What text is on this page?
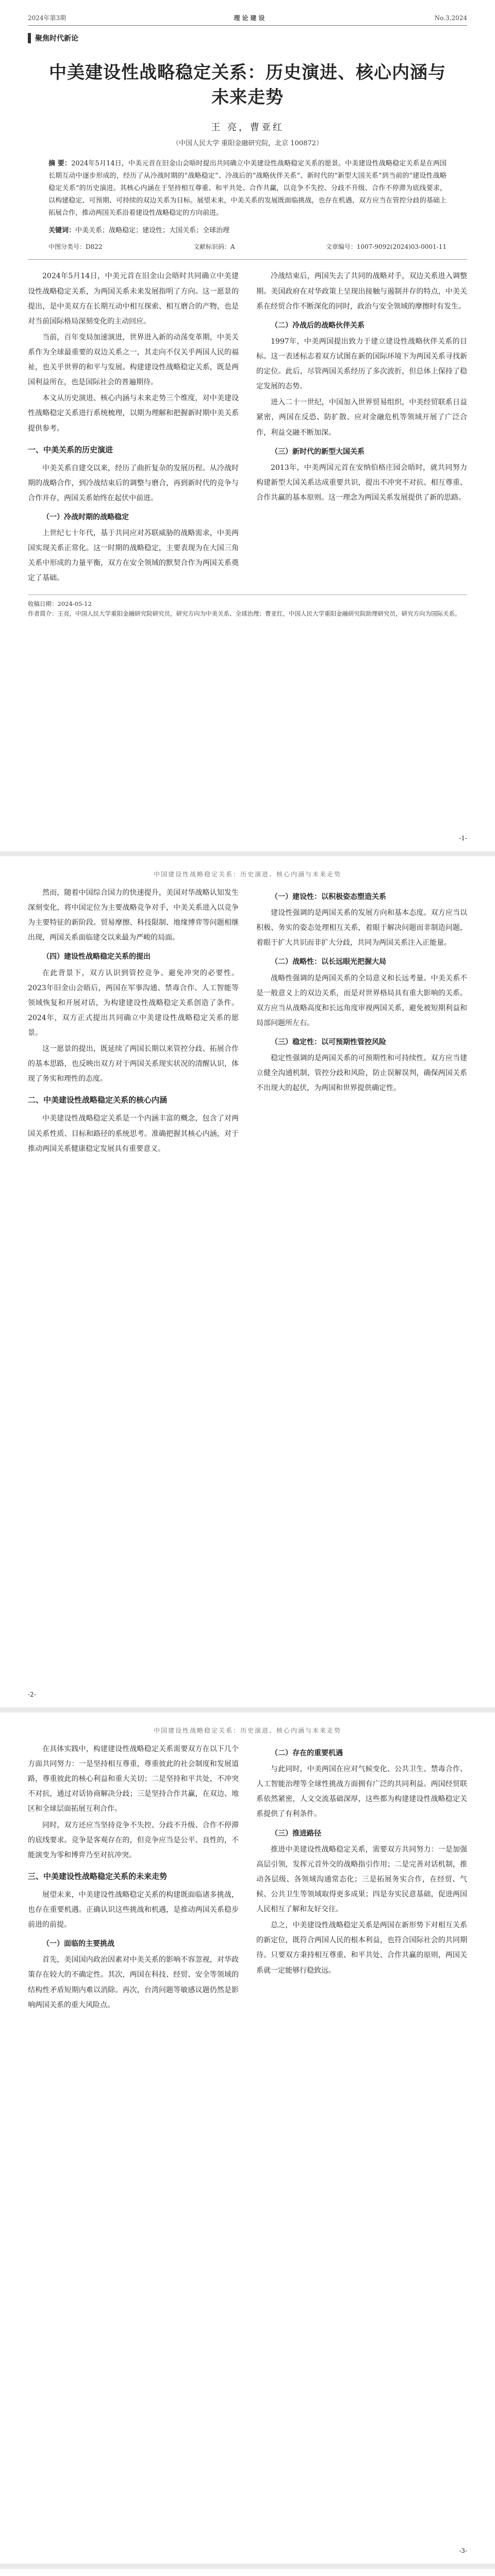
2024年第3期	理论建设	No.3,2024
聚焦时代新论
中美建设性战略稳定关系：历史演进、核心内涵与未来走势
王 亮，曹亚红
（中国人民大学 重阳金融研究院，北京 100872）
摘 要：2024年5月14日，中美元首在旧金山会晤时提出共同确立中美建设性战略稳定关系的愿景。中美建设性战略稳定关系是在两国长期互动中逐步形成的，经历了从冷战时期的“战略稳定”、冷战后的“战略伙伴关系”、新时代的“新型大国关系”到当前的“建设性战略稳定关系”的历史演进。其核心内涵在于坚持相互尊重、和平共处、合作共赢，以竞争不失控、分歧不升级、合作不停滞为底线要求，以构建稳定、可预期、可持续的双边关系为目标。展望未来，中美关系的发展既面临挑战，也存在机遇，双方应当在管控分歧的基础上拓展合作，推动两国关系沿着建设性战略稳定的方向前进。
关键词：中美关系；战略稳定；建设性；大国关系；全球治理
中图分类号：D822	文献标识码：A	文章编号：1007-9092(2024)03-0001-11

2024年5月14日，中美元首在旧金山会晤时共同确立中美建设性战略稳定关系，为两国关系未来发展指明了方向。这一愿景的提出，是中美双方在长期互动中相互探索、相互磨合的产物，也是对当前国际格局深刻变化的主动回应。

当前，百年变局加速演进，世界进入新的动荡变革期，中美关系作为全球最重要的双边关系之一，其走向不仅关乎两国人民的福祉，也关乎世界的和平与发展。构建建设性战略稳定关系，既是两国利益所在，也是国际社会的普遍期待。

本文从历史演进、核心内涵与未来走势三个维度，对中美建设性战略稳定关系进行系统梳理，以期为理解和把握新时期中美关系提供参考。

一、中美关系的历史演进

中美关系自建交以来，经历了曲折复杂的发展历程。从冷战时期的战略合作，到冷战结束后的调整与磨合，再到新时代的竞争与合作并存，两国关系始终在起伏中前进。

（一）冷战时期的战略稳定

上世纪七十年代，基于共同应对苏联威胁的战略需求，中美两国实现关系正常化。这一时期的战略稳定，主要表现为在大国三角关系中形成的力量平衡，双方在安全领域的默契合作为两国关系奠定了基础。

冷战结束后，两国失去了共同的战略对手，双边关系进入调整期。美国政府在对华政策上呈现出接触与遏制并存的特点，中美关系在经贸合作不断深化的同时，政治与安全领域的摩擦时有发生。

（二）冷战后的战略伙伴关系

1997年，中美两国提出致力于建立建设性战略伙伴关系的目标。这一表述标志着双方试图在新的国际环境下为两国关系寻找新的定位。此后，尽管两国关系经历了多次波折，但总体上保持了稳定发展的态势。

进入二十一世纪，中国加入世界贸易组织，中美经贸联系日益紧密，两国在反恐、防扩散、应对金融危机等领域开展了广泛合作，利益交融不断加深。

（三）新时代的新型大国关系

2013年，中美两国元首在安纳伯格庄园会晤时，就共同努力构建新型大国关系达成重要共识，提出不冲突不对抗、相互尊重、合作共赢的基本原则。这一理念为两国关系发展提供了新的思路。

收稿日期：2024-05-12
作者简介：王亮，中国人民大学重阳金融研究院研究员，研究方向为中美关系、全球治理；曹亚红，中国人民大学重阳金融研究院助理研究员，研究方向为国际关系。
-1-
中国建设性战略稳定关系：历史演进、核心内涵与未来走势

然而，随着中国综合国力的快速提升，美国对华战略认知发生深刻变化，将中国定位为主要战略竞争对手，中美关系进入以竞争为主要特征的新阶段。贸易摩擦、科技限制、地缘博弈等问题相继出现，两国关系面临建交以来最为严峻的局面。

（四）建设性战略稳定关系的提出

在此背景下，双方认识到管控竞争、避免冲突的必要性。2023年旧金山会晤后，两国在军事沟通、禁毒合作、人工智能等领域恢复和开展对话，为构建建设性战略稳定关系创造了条件。2024年，双方正式提出共同确立中美建设性战略稳定关系的愿景。

这一愿景的提出，既延续了两国长期以来管控分歧、拓展合作的基本思路，也反映出双方对于两国关系现实状况的清醒认识，体现了务实和理性的态度。

二、中美建设性战略稳定关系的核心内涵

中美建设性战略稳定关系是一个内涵丰富的概念，包含了对两国关系性质、目标和路径的系统思考。准确把握其核心内涵，对于推动两国关系健康稳定发展具有重要意义。

（一）建设性：以积极姿态塑造关系

建设性强调的是两国关系的发展方向和基本态度。双方应当以积极、务实的姿态处理相互关系，着眼于解决问题而非制造问题，着眼于扩大共识而非扩大分歧，共同为两国关系注入正能量。

（二）战略性：以长远眼光把握大局

战略性强调的是两国关系的全局意义和长远考量。中美关系不是一般意义上的双边关系，而是对世界格局具有重大影响的关系。双方应当从战略高度和长远角度审视两国关系，避免被短期利益和局部问题所左右。

（三）稳定性：以可预期性管控风险

稳定性强调的是两国关系的可预期性和可持续性。双方应当建立健全沟通机制，管控分歧和风险，防止误解误判，确保两国关系不出现大的起伏，为两国和世界提供确定性。

-2-
中国建设性战略稳定关系：历史演进、核心内涵与未来走势

在具体实践中，构建建设性战略稳定关系需要双方在以下几个方面共同努力：一是坚持相互尊重，尊重彼此的社会制度和发展道路，尊重彼此的核心利益和重大关切；二是坚持和平共处，不冲突不对抗，通过对话协商解决分歧；三是坚持合作共赢，在双边、地区和全球层面拓展互利合作。

同时，双方还应当坚持竞争不失控、分歧不升级、合作不停滞的底线要求。竞争是客观存在的，但竞争应当是公平、良性的，不能演变为零和博弈乃至对抗冲突。

三、中美建设性战略稳定关系的未来走势

展望未来，中美建设性战略稳定关系的构建既面临诸多挑战，也存在重要机遇。正确认识这些挑战和机遇，是推动两国关系稳步前进的前提。

（一）面临的主要挑战

首先，美国国内政治因素对中美关系的影响不容忽视，对华政策存在较大的不确定性。其次，两国在科技、经贸、安全等领域的结构性矛盾短期内难以消除。再次，台湾问题等敏感议题仍然是影响两国关系的重大风险点。

（二）存在的重要机遇

与此同时，中美两国在应对气候变化、公共卫生、禁毒合作、人工智能治理等全球性挑战方面拥有广泛的共同利益。两国经贸联系依然紧密，人文交流基础深厚，这些都为构建建设性战略稳定关系提供了有利条件。

（三）推进路径

推进中美建设性战略稳定关系，需要双方共同努力：一是加强高层引领，发挥元首外交的战略指引作用；二是完善对话机制，推动各层级、各领域沟通常态化；三是拓展务实合作，在经贸、气候、公共卫生等领域取得更多成果；四是夯实民意基础，促进两国人民相互了解和友好交往。

总之，中美建设性战略稳定关系是两国在新形势下对相互关系的新定位，既符合两国人民的根本利益，也符合国际社会的共同期待。只要双方秉持相互尊重、和平共处、合作共赢的原则，两国关系就一定能够行稳致远。

-3-
